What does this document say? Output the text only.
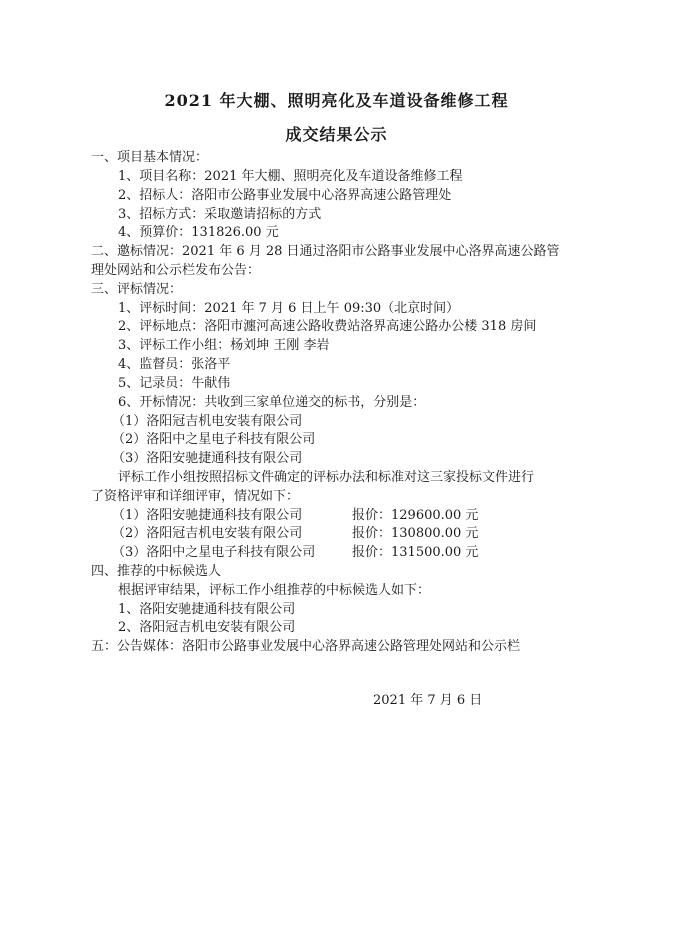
2021 年大棚、照明亮化及车道设备维修工程
成交结果公示
一、项目基本情况：
1、项目名称：2021 年大棚、照明亮化及车道设备维修工程
2、招标人：洛阳市公路事业发展中心洛界高速公路管理处
3、招标方式：采取邀请招标的方式
4、预算价：131826.00 元
二、邀标情况：2021 年 6 月 28 日通过洛阳市公路事业发展中心洛界高速公路管
理处网站和公示栏发布公告：
三、评标情况：
1、评标时间：2021 年 7 月 6 日上午 09:30（北京时间）
2、评标地点：洛阳市瀍河高速公路收费站洛界高速公路办公楼 318 房间
3、评标工作小组：杨刘坤 王刚 李岩
4、监督员：张洛平
5、记录员：牛献伟
6、开标情况：共收到三家单位递交的标书，分别是：
（1）洛阳冠吉机电安装有限公司
（2）洛阳中之星电子科技有限公司
（3）洛阳安驰捷通科技有限公司
评标工作小组按照招标文件确定的评标办法和标准对这三家投标文件进行
了资格评审和详细评审，情况如下：
（1）洛阳安驰捷通科技有限公司	报价：129600.00 元
（2）洛阳冠吉机电安装有限公司	报价：130800.00 元
（3）洛阳中之星电子科技有限公司	报价：131500.00 元
四、推荐的中标候选人
根据评审结果，评标工作小组推荐的中标候选人如下：
1、洛阳安驰捷通科技有限公司
2、洛阳冠吉机电安装有限公司
五：公告媒体：洛阳市公路事业发展中心洛界高速公路管理处网站和公示栏
2021 年 7 月 6 日
